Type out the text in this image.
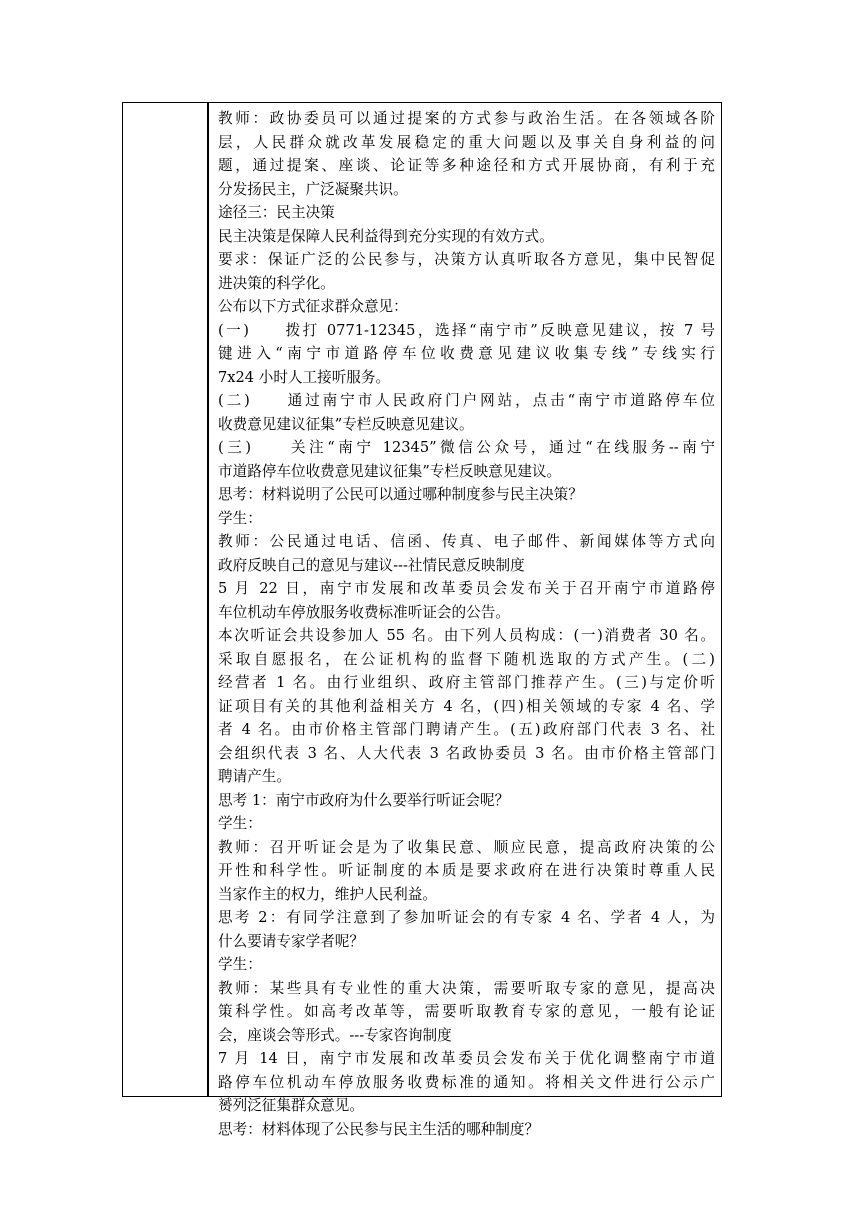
教师：政协委员可以通过提案的方式参与政治生活。在各领域各阶
层，人民群众就改革发展稳定的重大问题以及事关自身利益的问
题，通过提案、座谈、论证等多种途径和方式开展协商，有利于充
分发扬民主，广泛凝聚共识。
途径三：民主决策
民主决策是保障人民利益得到充分实现的有效方式。
要求：保证广泛的公民参与，决策方认真听取各方意见，集中民智促
进决策的科学化。
公布以下方式征求群众意见：
(一)　　拨打 0771-12345，选择“南宁市”反映意见建议，按 7 号
键进入“南宁市道路停车位收费意见建议收集专线”专线实行
7x24 小时人工接听服务。
(二)　　通过南宁市人民政府门户网站，点击“南宁市道路停车位
收费意见建议征集”专栏反映意见建议。
(三)　　关注“南宁 12345”微信公众号，通过“在线服务--南宁
市道路停车位收费意见建议征集”专栏反映意见建议。
思考：材料说明了公民可以通过哪种制度参与民主决策？
学生：
教师：公民通过电话、信函、传真、电子邮件、新闻媒体等方式向
政府反映自己的意见与建议---社情民意反映制度
5 月 22 日，南宁市发展和改革委员会发布关于召开南宁市道路停
车位机动车停放服务收费标准听证会的公告。
本次听证会共设参加人 55 名。由下列人员构成：(一)消费者 30 名。
采取自愿报名，在公证机构的监督下随机选取的方式产生。(二)
经营者 1 名。由行业组织、政府主管部门推荐产生。(三)与定价听
证项目有关的其他利益相关方 4 名，(四)相关领域的专家 4 名、学
者 4 名。由市价格主管部门聘请产生。(五)政府部门代表 3 名、社
会组织代表 3 名、人大代表 3 名政协委员 3 名。由市价格主管部门
聘请产生。
思考 1：南宁市政府为什么要举行听证会呢？
学生：
教师：召开听证会是为了收集民意、顺应民意，提高政府决策的公
开性和科学性。听证制度的本质是要求政府在进行决策时尊重人民
当家作主的权力，维护人民利益。
思考 2：有同学注意到了参加听证会的有专家 4 名、学者 4 人，为
什么要请专家学者呢？
学生：
教师：某些具有专业性的重大决策，需要听取专家的意见，提高决
策科学性。如高考改革等，需要听取教育专家的意见，一般有论证
会，座谈会等形式。---专家咨询制度
7 月 14 日，南宁市发展和改革委员会发布关于优化调整南宁市道
路停车位机动车停放服务收费标准的通知。将相关文件进行公示广
赟列泛征集群众意见。
思考：材料体现了公民参与民主生活的哪种制度？
